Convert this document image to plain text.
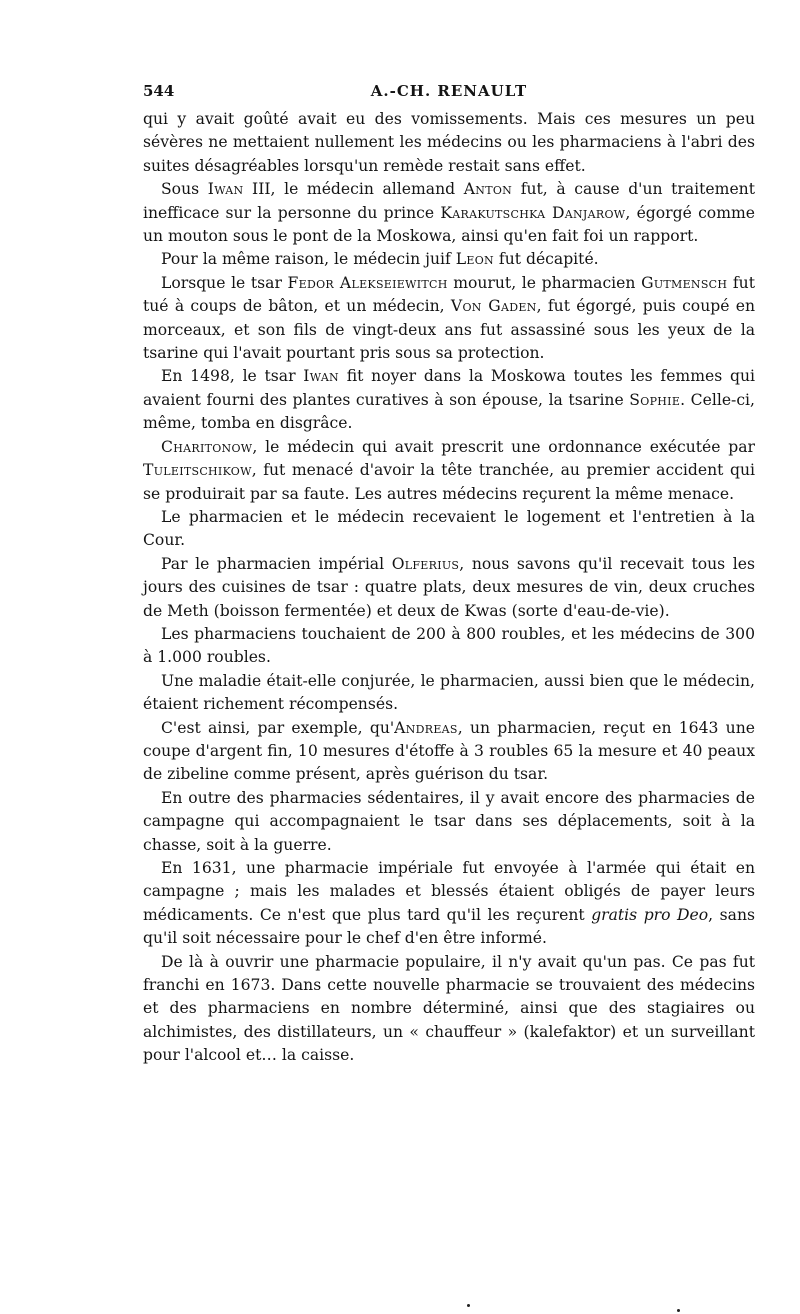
544	A.-CH. RENAULT

qui y avait goûté avait eu des vomissements. Mais ces mesures un peu sévères ne mettaient nullement les médecins ou les pharmaciens à l'abri des suites désagréables lorsqu'un remède restait sans effet.

Sous Iwan III, le médecin allemand Anton fut, à cause d'un traitement inefficace sur la personne du prince Karakutschka Danjarow, égorgé comme un mouton sous le pont de la Moskowa, ainsi qu'en fait foi un rapport.

Pour la même raison, le médecin juif Leon fut décapité.

Lorsque le tsar Fedor Alekseiewitch mourut, le pharmacien Gutmensch fut tué à coups de bâton, et un médecin, Von Gaden, fut égorgé, puis coupé en morceaux, et son fils de vingt-deux ans fut assassiné sous les yeux de la tsarine qui l'avait pourtant pris sous sa protection.

En 1498, le tsar Iwan fit noyer dans la Moskowa toutes les femmes qui avaient fourni des plantes curatives à son épouse, la tsarine Sophie. Celle-ci, même, tomba en disgrâce.

Charitonow, le médecin qui avait prescrit une ordonnance exécutée par Tuleitschikow, fut menacé d'avoir la tête tranchée, au premier accident qui se produirait par sa faute. Les autres médecins reçurent la même menace.

Le pharmacien et le médecin recevaient le logement et l'entretien à la Cour.

Par le pharmacien impérial Olferius, nous savons qu'il recevait tous les jours des cuisines de tsar : quatre plats, deux mesures de vin, deux cruches de Meth (boisson fermentée) et deux de Kwas (sorte d'eau-de-vie).

Les pharmaciens touchaient de 200 à 800 roubles, et les médecins de 300 à 1.000 roubles.

Une maladie était-elle conjurée, le pharmacien, aussi bien que le médecin, étaient richement récompensés.

C'est ainsi, par exemple, qu'Andreas, un pharmacien, reçut en 1643 une coupe d'argent fin, 10 mesures d'étoffe à 3 roubles 65 la mesure et 40 peaux de zibeline comme présent, après guérison du tsar.

En outre des pharmacies sédentaires, il y avait encore des pharmacies de campagne qui accompagnaient le tsar dans ses déplacements, soit à la chasse, soit à la guerre.

En 1631, une pharmacie impériale fut envoyée à l'armée qui était en campagne ; mais les malades et blessés étaient obligés de payer leurs médicaments. Ce n'est que plus tard qu'il les reçurent gratis pro Deo, sans qu'il soit nécessaire pour le chef d'en être informé.

De là à ouvrir une pharmacie populaire, il n'y avait qu'un pas. Ce pas fut franchi en 1673. Dans cette nouvelle pharmacie se trouvaient des médecins et des pharmaciens en nombre déterminé, ainsi que des stagiaires ou alchimistes, des distillateurs, un « chauffeur » (kalefaktor) et un surveillant pour l'alcool et… la caisse.
